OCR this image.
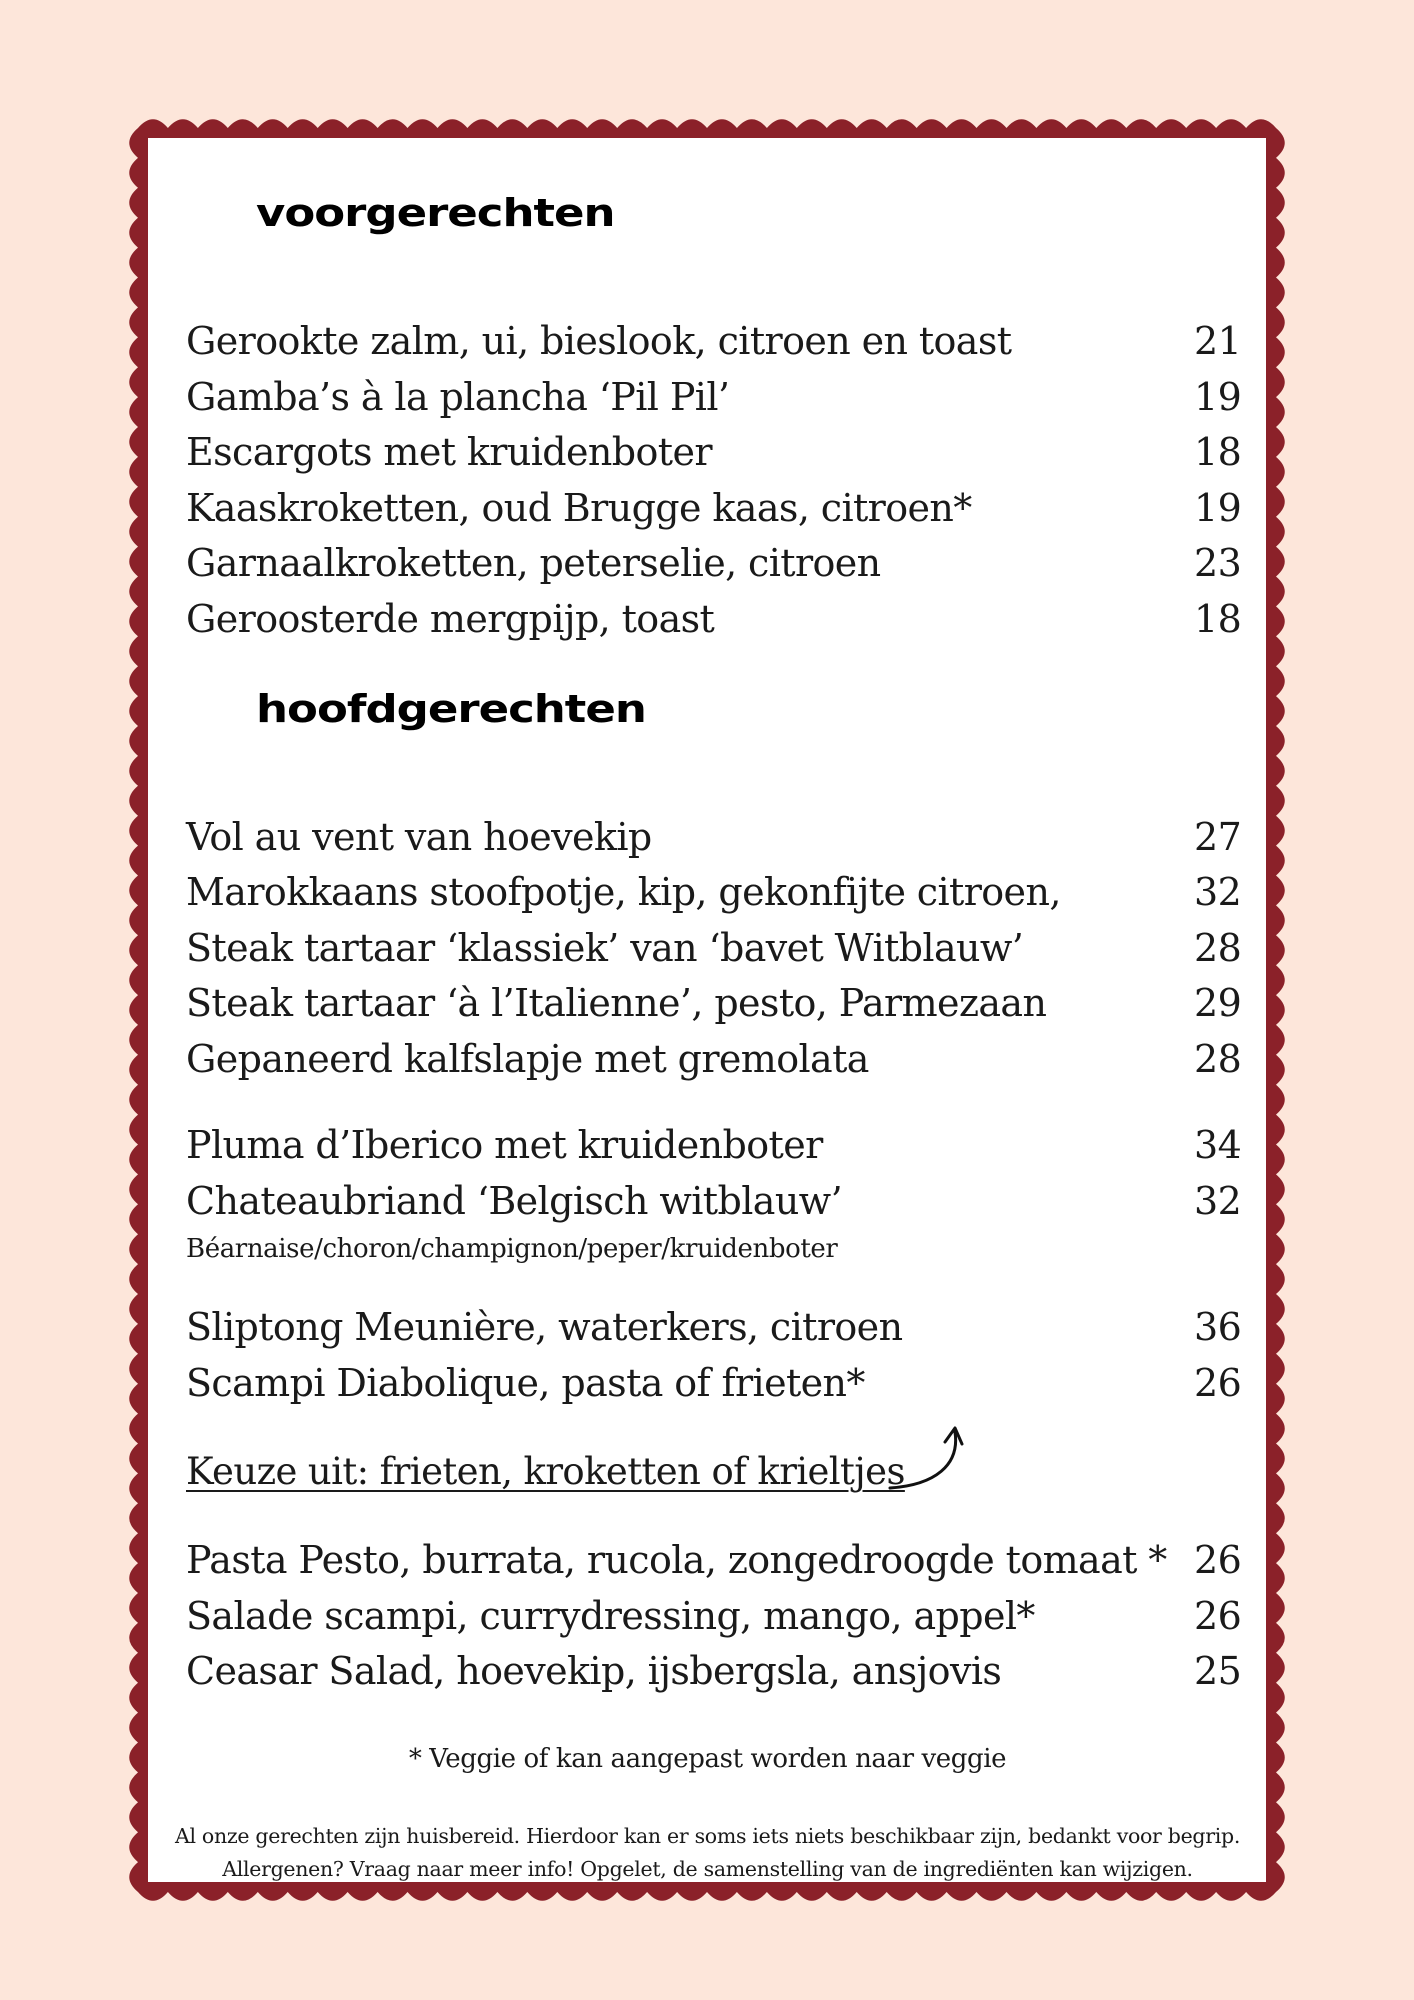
voorgerechten
Gerookte zalm, ui, bieslook, citroen en toast	21
Gamba’s à la plancha ‘Pil Pil’	19
Escargots met kruidenboter	18
Kaaskroketten, oud Brugge kaas, citroen*	19
Garnaalkroketten, peterselie, citroen	23
Geroosterde mergpijp, toast	18
hoofdgerechten
Vol au vent van hoevekip	27
Marokkaans stoofpotje, kip, gekonfijte citroen,	32
Steak tartaar ‘klassiek’ van ‘bavet Witblauw’	28
Steak tartaar ‘à l’Italienne’, pesto, Parmezaan	29
Gepaneerd kalfslapje met gremolata	28
Pluma d’Iberico met kruidenboter	34
Chateaubriand ‘Belgisch witblauw’	32
Béarnaise/choron/champignon/peper/kruidenboter
Sliptong Meunière, waterkers, citroen	36
Scampi Diabolique, pasta of frieten*	26
Keuze uit: frieten, kroketten of krieltjes
Pasta Pesto, burrata, rucola, zongedroogde tomaat * 26
Salade scampi, currydressing, mango, appel*	26
Ceasar Salad, hoevekip, ijsbergsla, ansjovis	25
* Veggie of kan aangepast worden naar veggie
Al onze gerechten zijn huisbereid. Hierdoor kan er soms iets niets beschikbaar zijn, bedankt voor begrip.
Allergenen? Vraag naar meer info! Opgelet, de samenstelling van de ingrediënten kan wijzigen.
